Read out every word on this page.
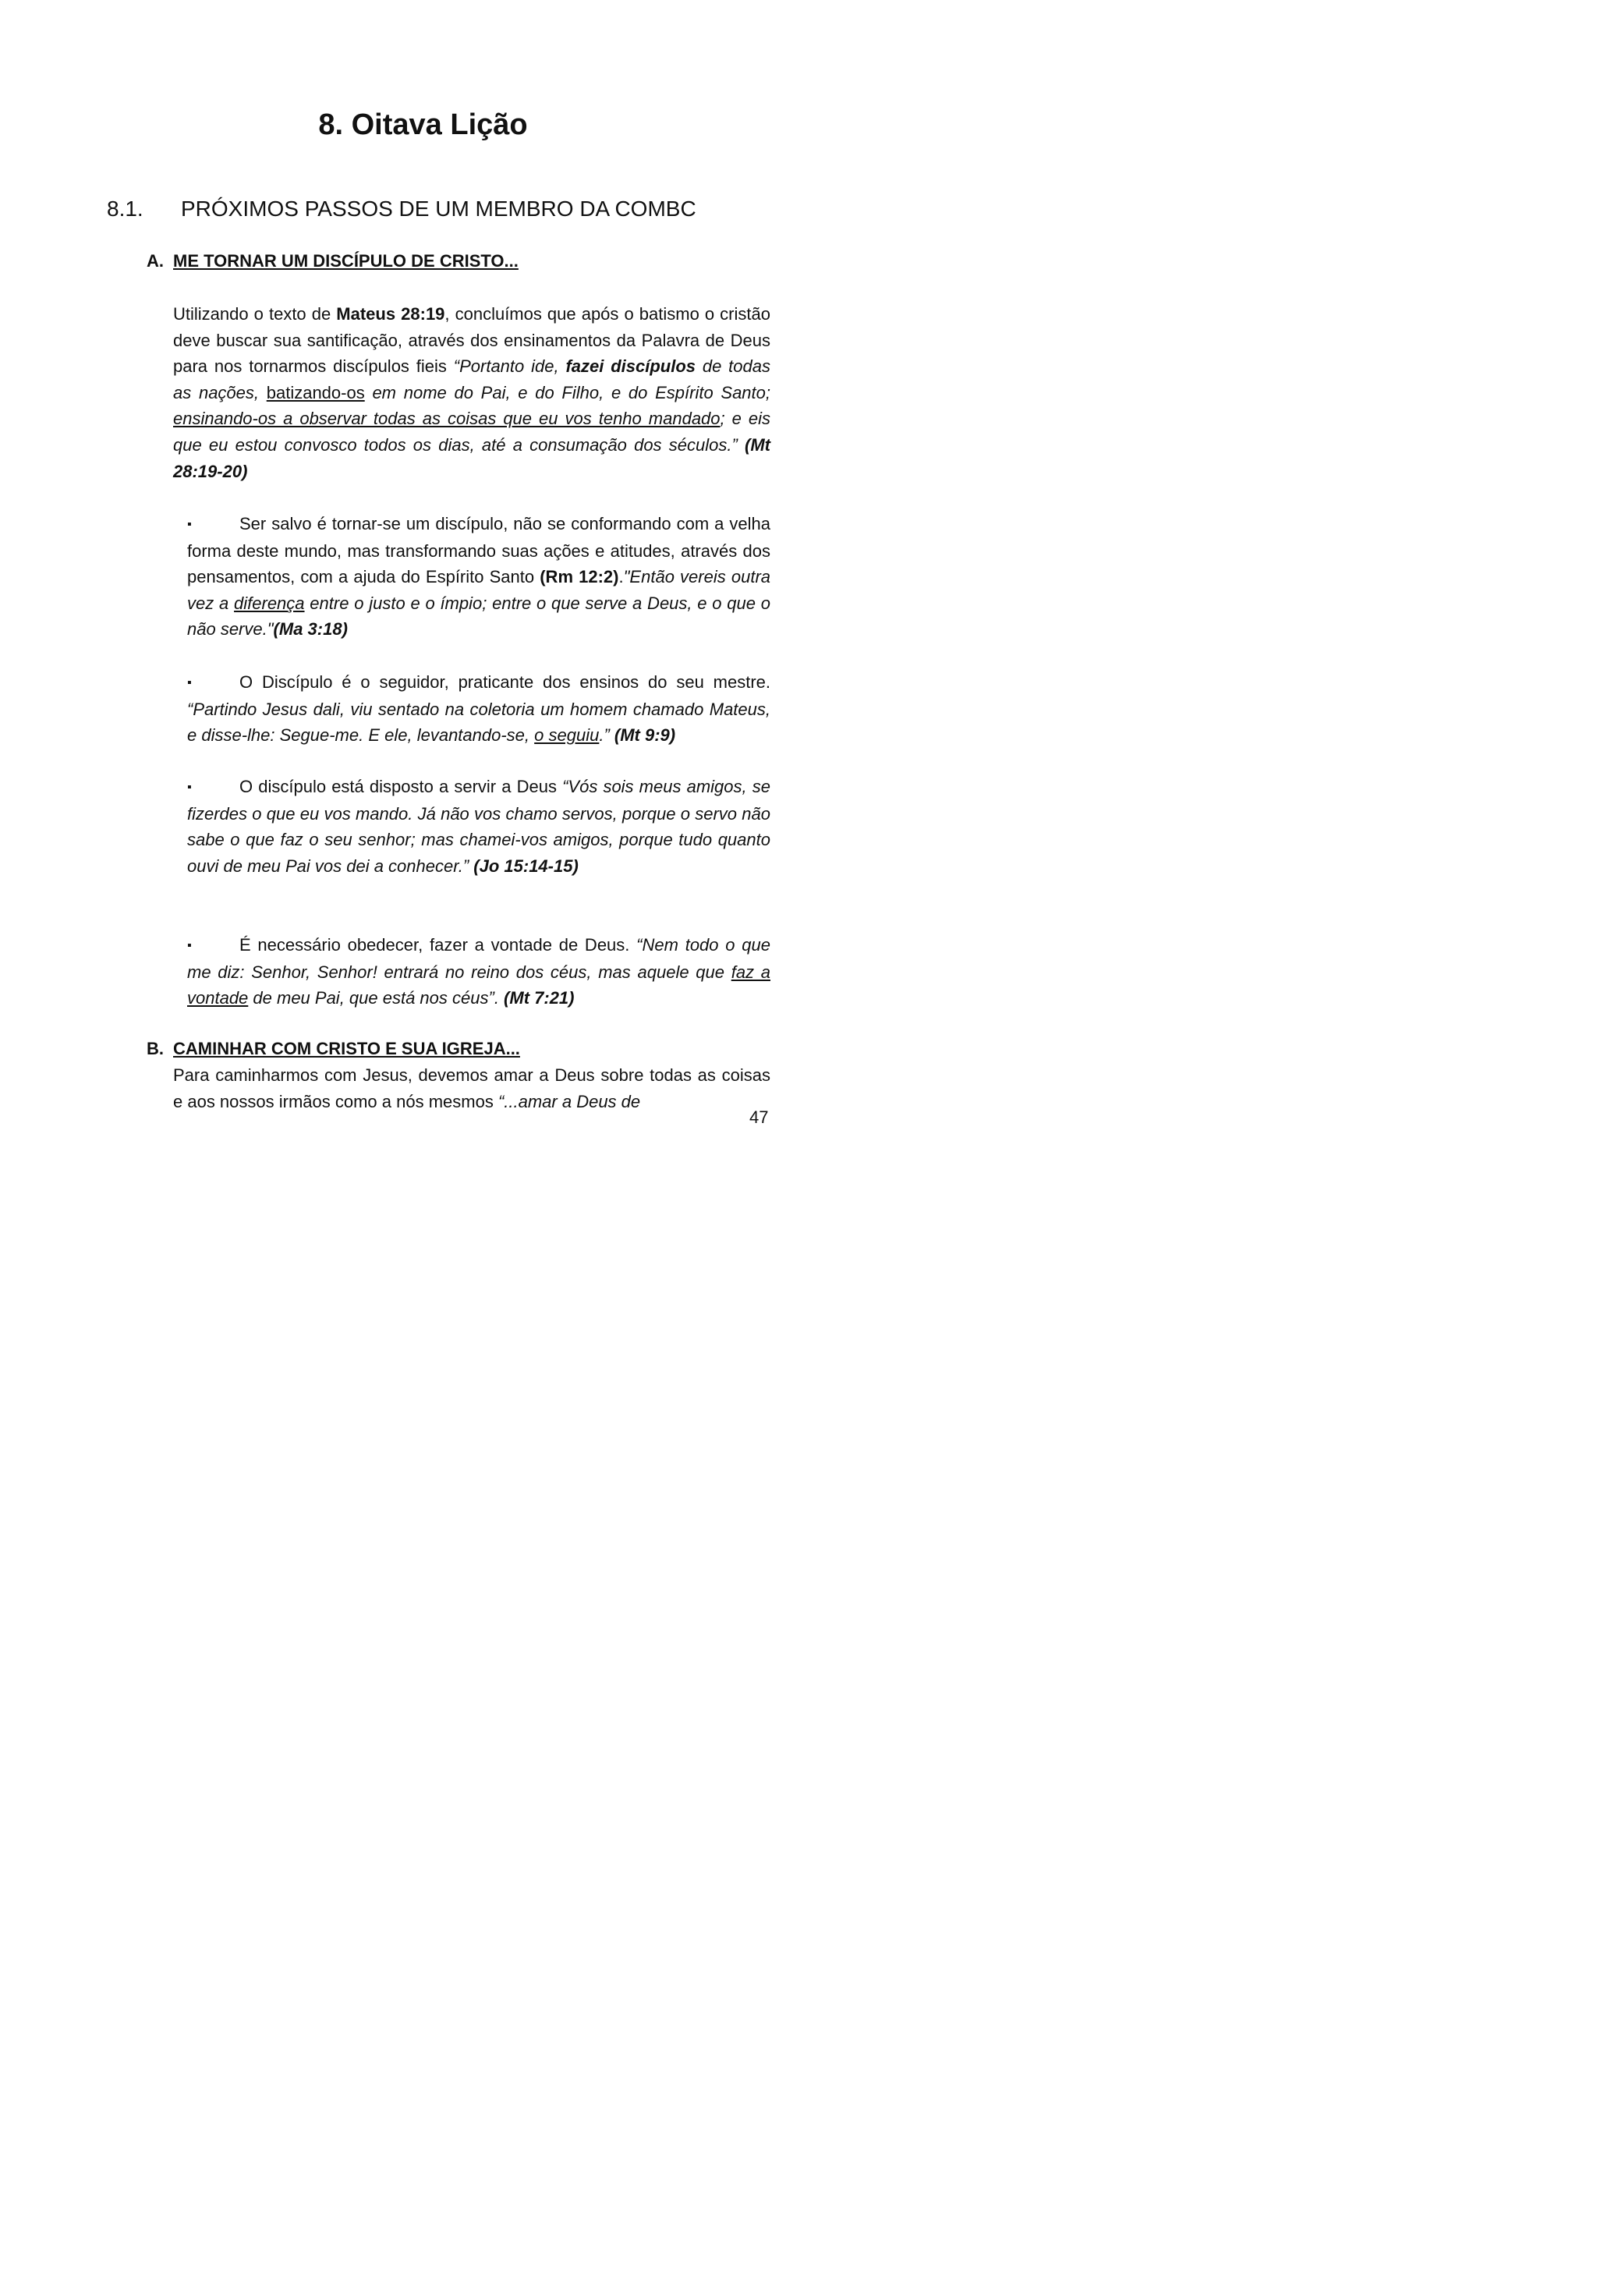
8. Oitava Lição
8.1. PRÓXIMOS PASSOS DE UM MEMBRO DA COMBC
A. ME TORNAR UM DISCÍPULO DE CRISTO...

Utilizando o texto de Mateus 28:19, concluímos que após o batismo o cristão deve buscar sua santificação, através dos ensinamentos da Palavra de Deus para nos tornarmos discípulos fieis “Portanto ide, fazei discípulos de todas as nações, batizando-os em nome do Pai, e do Filho, e do Espírito Santo; ensinando-os a observar todas as coisas que eu vos tenho mandado; e eis que eu estou convosco todos os dias, até a consumação dos séculos.” (Mt 28:19-20)

▪	Ser salvo é tornar-se um discípulo, não se conformando com a velha forma deste mundo, mas transformando suas ações e atitudes, através dos pensamentos, com a ajuda do Espírito Santo (Rm 12:2)."Então vereis outra vez a diferença entre o justo e o ímpio; entre o que serve a Deus, e o que o não serve."(Ma 3:18)

▪	O Discípulo é o seguidor, praticante dos ensinos do seu mestre. “Partindo Jesus dali, viu sentado na coletoria um homem chamado Mateus, e disse-lhe: Segue-me. E ele, levantando-se, o seguiu.” (Mt 9:9)

▪	O discípulo está disposto a servir a Deus “Vós sois meus amigos, se fizerdes o que eu vos mando. Já não vos chamo servos, porque o servo não sabe o que faz o seu senhor; mas chamei-vos amigos, porque tudo quanto ouvi de meu Pai vos dei a conhecer.” (Jo 15:14-15)

▪	É necessário obedecer, fazer a vontade de Deus. “Nem todo o que me diz: Senhor, Senhor! entrará no reino dos céus, mas aquele que faz a vontade de meu Pai, que está nos céus”. (Mt 7:21)

B. CAMINHAR COM CRISTO E SUA IGREJA...

Para caminharmos com Jesus, devemos amar a Deus sobre todas as coisas e aos nossos irmãos como a nós mesmos “...amar a Deus de

47
